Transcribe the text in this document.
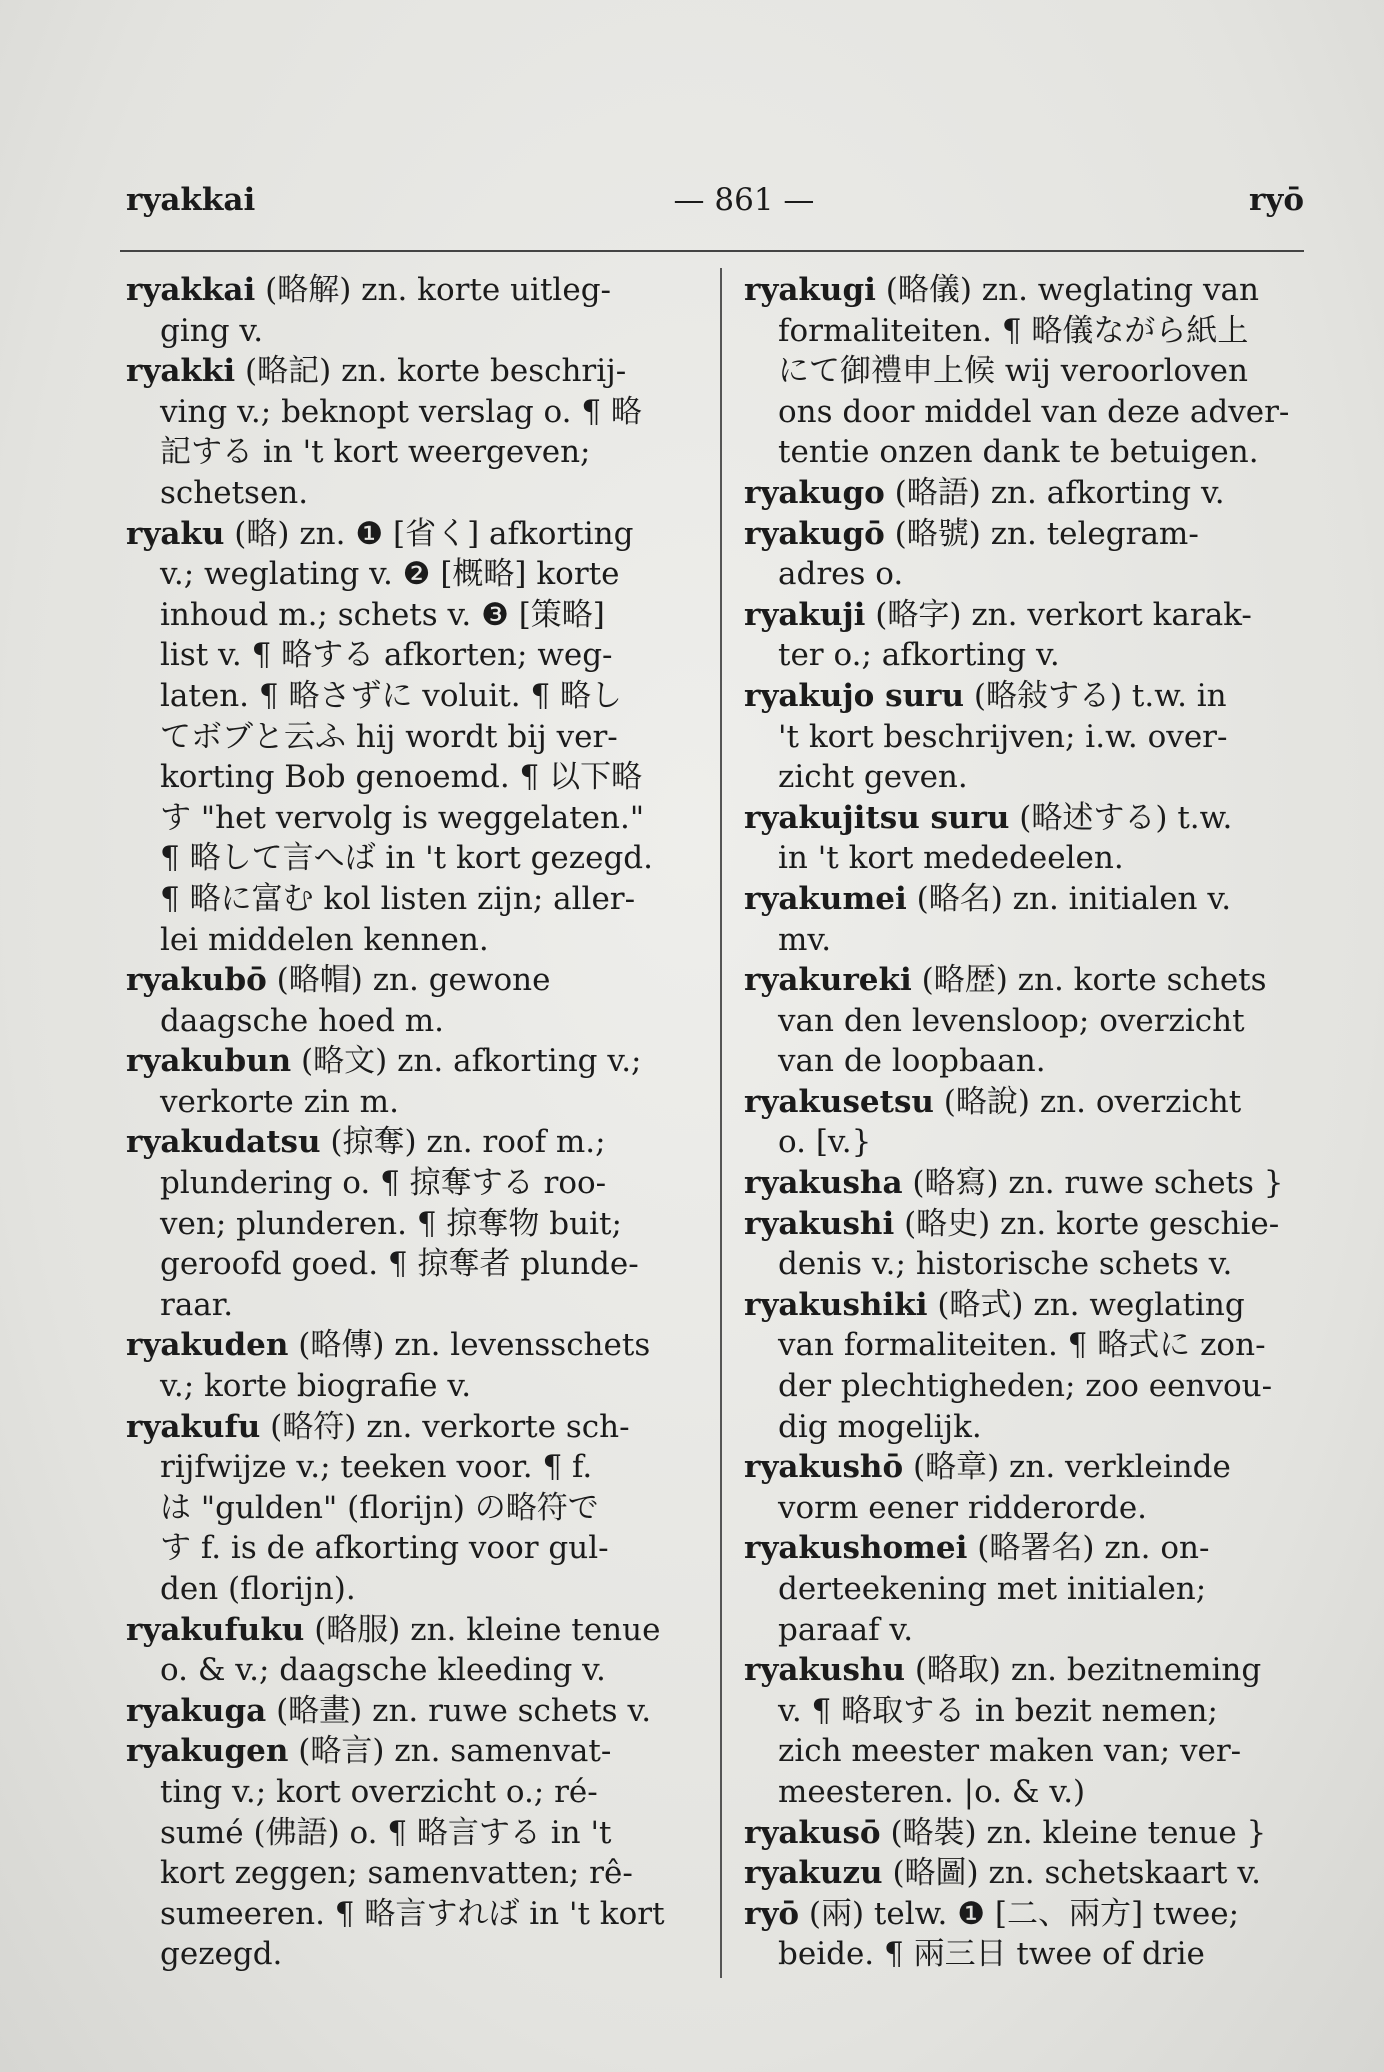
ryakkai	— 861 —	ryō
ryakkai (略解) zn. korte uitleg-
ging v.
ryakki (略記) zn. korte beschrij-
ving v.; beknopt verslag o. ¶ 略
記する in 't kort weergeven;
schetsen.
ryaku (略) zn. ❶ [省く] afkorting
v.; weglating v. ❷ [概略] korte
inhoud m.; schets v. ❸ [策略]
list v. ¶ 略する afkorten; weg-
laten. ¶ 略さずに voluit. ¶ 略し
てボブと云ふ hij wordt bij ver-
korting Bob genoemd. ¶ 以下略
す "het vervolg is weggelaten."
¶ 略して言へば in 't kort gezegd.
¶ 略に富む kol listen zijn; aller-
lei middelen kennen.
ryakubō (略帽) zn. gewone
daagsche hoed m.
ryakubun (略文) zn. afkorting v.;
verkorte zin m.
ryakudatsu (掠奪) zn. roof m.;
plundering o. ¶ 掠奪する roo-
ven; plunderen. ¶ 掠奪物 buit;
geroofd goed. ¶ 掠奪者 plunde-
raar.
ryakuden (略傳) zn. levensschets
v.; korte biografie v.
ryakufu (略符) zn. verkorte sch-
rijfwijze v.; teeken voor. ¶ f.
は "gulden" (florijn) の略符で
す f. is de afkorting voor gul-
den (florijn).
ryakufuku (略服) zn. kleine tenue
o. & v.; daagsche kleeding v.
ryakuga (略畫) zn. ruwe schets v.
ryakugen (略言) zn. samenvat-
ting v.; kort overzicht o.; ré-
sumé (佛語) o. ¶ 略言する in 't
kort zeggen; samenvatten; rê-
sumeeren. ¶ 略言すれば in 't kort
gezegd.
ryakugi (略儀) zn. weglating van
formaliteiten. ¶ 略儀ながら紙上
にて御禮申上候 wij veroorloven
ons door middel van deze adver-
tentie onzen dank te betuigen.
ryakugo (略語) zn. afkorting v.
ryakugō (略號) zn. telegram-
adres o.
ryakuji (略字) zn. verkort karak-
ter o.; afkorting v.
ryakujo suru (略敍する) t.w. in
't kort beschrijven; i.w. over-
zicht geven.
ryakujitsu suru (略述する) t.w.
in 't kort mededeelen.
ryakumei (略名) zn. initialen v.
mv.
ryakureki (略歴) zn. korte schets
van den levensloop; overzicht
van de loopbaan.
ryakusetsu (略說) zn. overzicht
o. [v.}
ryakusha (略寫) zn. ruwe schets }
ryakushi (略史) zn. korte geschie-
denis v.; historische schets v.
ryakushiki (略式) zn. weglating
van formaliteiten. ¶ 略式に zon-
der plechtigheden; zoo eenvou-
dig mogelijk.
ryakushō (略章) zn. verkleinde
vorm eener ridderorde.
ryakushomei (略署名) zn. on-
derteekening met initialen;
paraaf v.
ryakushu (略取) zn. bezitneming
v. ¶ 略取する in bezit nemen;
zich meester maken van; ver-
meesteren. |o. & v.)
ryakusō (略裝) zn. kleine tenue }
ryakuzu (略圖) zn. schetskaart v.
ryō (兩) telw. ❶ [二、兩方] twee;
beide. ¶ 兩三日 twee of drie
